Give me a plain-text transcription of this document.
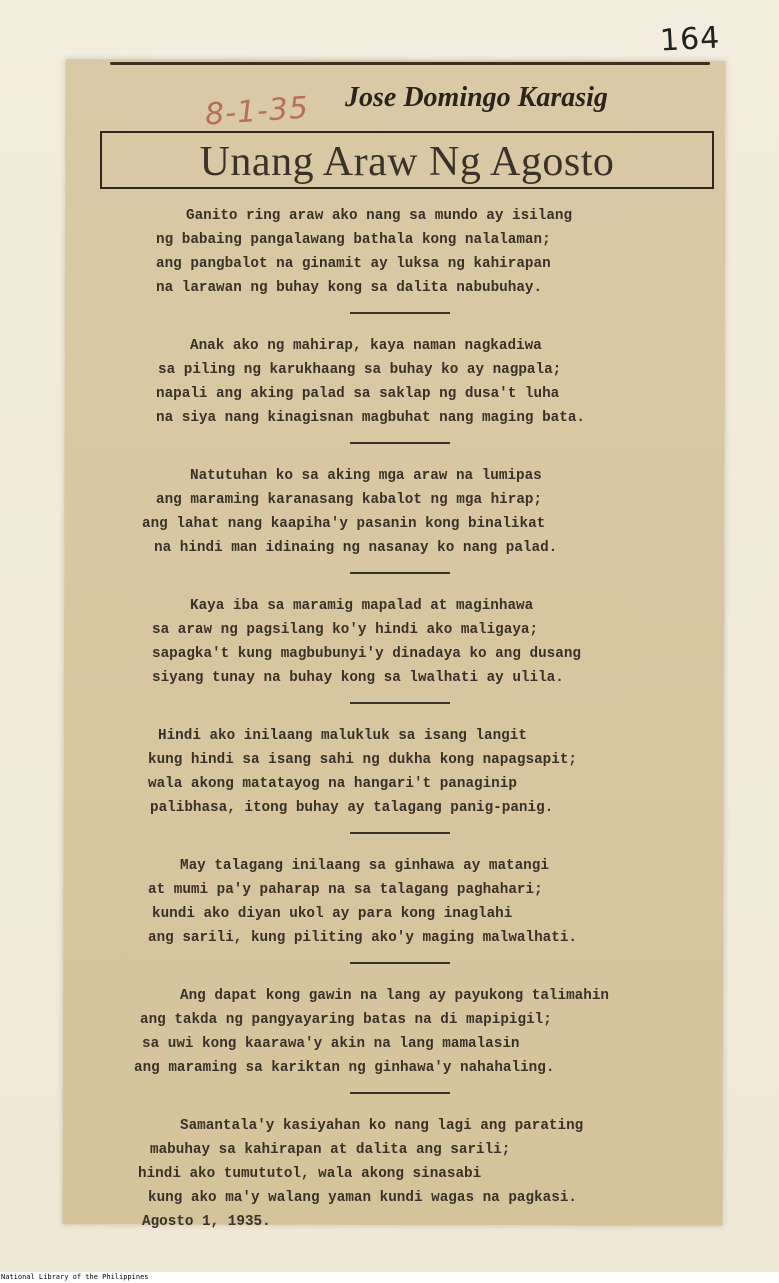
164
8-1-35 Jose Domingo Karasig
Unang Araw Ng Agosto
Ganito ring araw ako nang sa mundo ay isilang
ng babaing pangalawang bathala kong nalalaman;
ang pangbalot na ginamit ay luksa ng kahirapan
na larawan ng buhay kong sa dalita nabubuhay.
Anak ako ng mahirap, kaya naman nagkadiwa
sa piling ng karukhaang sa buhay ko ay nagpala;
napali ang aking palad sa saklap ng dusa't luha
na siya nang kinagisnan magbuhat nang maging bata.
Natutuhan ko sa aking mga araw na lumipas
ang maraming karanasang kabalot ng mga hirap;
ang lahat nang kaapiha'y pasanin kong binalikat
na hindi man idinaing ng nasanay ko nang palad.
Kaya iba sa maramig mapalad at maginhawa
sa araw ng pagsilang ko'y hindi ako maligaya;
sapagka't kung magbubunyi'y dinadaya ko ang dusang
siyang tunay na buhay kong sa lwalhati ay ulila.
Hindi ako inilaang malukluk sa isang langit
kung hindi sa isang sahi ng dukha kong napagsapit;
wala akong matatayog na hangari't panaginip
palibhasa, itong buhay ay talagang panig-panig.
May talagang inilaang sa ginhawa ay matangi
at mumi pa'y paharap na sa talagang paghahari;
kundi ako diyan ukol ay para kong inaglahi
ang sarili, kung piliting ako'y maging malwalhati.
Ang dapat kong gawin na lang ay payukong talimahin
ang takda ng pangyayaring batas na di mapipigil;
sa uwi kong kaarawa'y akin na lang mamalasin
ang maraming sa kariktan ng ginhawa'y nahahaling.
Samantala'y kasiyahan ko nang lagi ang parating
mabuhay sa kahirapan at dalita ang sarili;
hindi ako tumututol, wala akong sinasabi
kung ako ma'y walang yaman kundi wagas na pagkasi.
Agosto 1, 1935.
National Library of the Philippines
